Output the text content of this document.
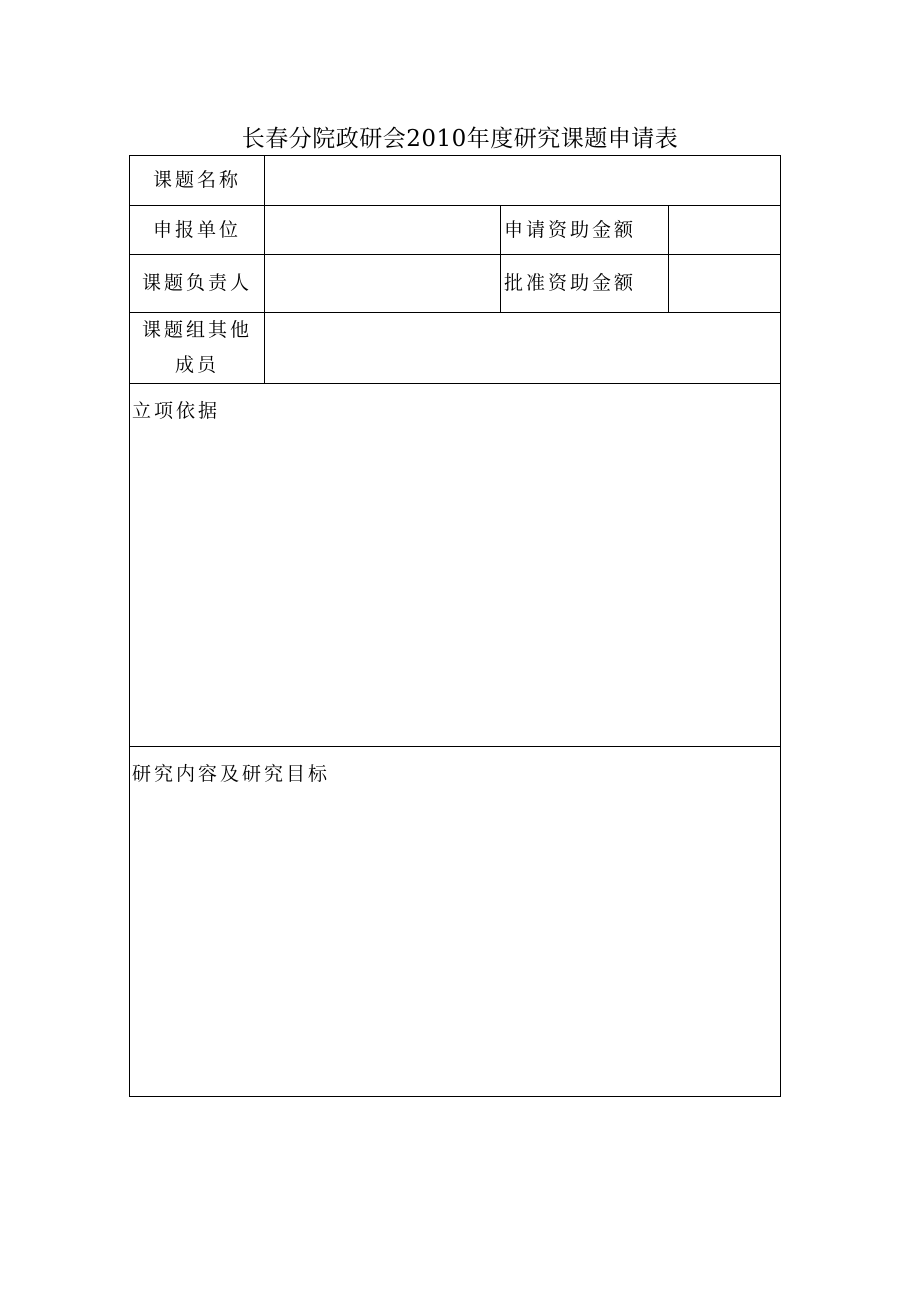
长春分院政研会2010年度研究课题申请表
课题名称			
申报单位		申请资助金额	
课题负责人		批准资助金额	

课题组其他
成员			

立项依据			

研究内容及研究目标			
